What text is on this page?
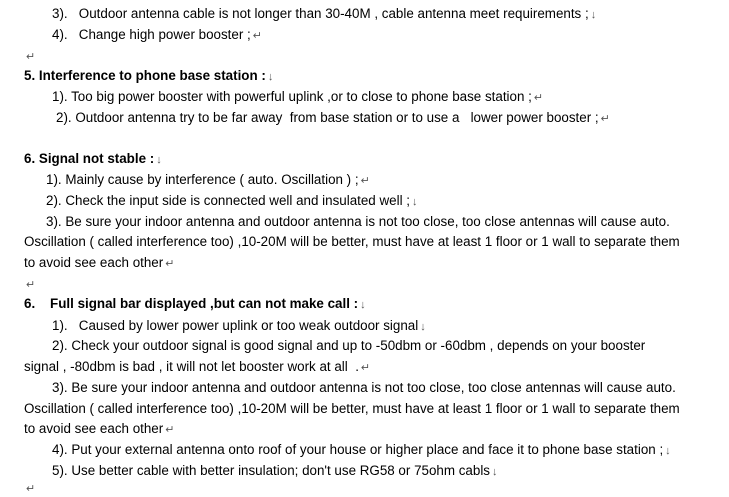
3).   Outdoor antenna cable is not longer than 30-40M , cable antenna meet requirements ; ↓
4).   Change high power booster ; ↵
↵
5. Interference to phone base station : ↓
1). Too big power booster with powerful uplink ,or to close to phone base station ; ↵
2). Outdoor antenna try to be far away  from base station or to use a   lower power booster ; ↵
6. Signal not stable : ↓
1). Mainly cause by interference ( auto. Oscillation ) ; ↵
2). Check the input side is connected well and insulated well ; ↓
3). Be sure your indoor antenna and outdoor antenna is not too close, too close antennas will cause auto.
Oscillation ( called interference too) ,10-20M will be better, must have at least 1 floor or 1 wall to separate them
to avoid see each other ↵
↵
6.    Full signal bar displayed ,but can not make call : ↓
1).   Caused by lower power uplink or too weak outdoor signal ↓
2). Check your outdoor signal is good signal and up to -50dbm or -60dbm , depends on your booster
signal , -80dbm is bad , it will not let booster work at all  . ↵
3). Be sure your indoor antenna and outdoor antenna is not too close, too close antennas will cause auto.
Oscillation ( called interference too) ,10-20M will be better, must have at least 1 floor or 1 wall to separate them
to avoid see each other ↵
4). Put your external antenna onto roof of your house or higher place and face it to phone base station ; ↓
5). Use better cable with better insulation; don't use RG58 or 75ohm cabls ↓
↵
